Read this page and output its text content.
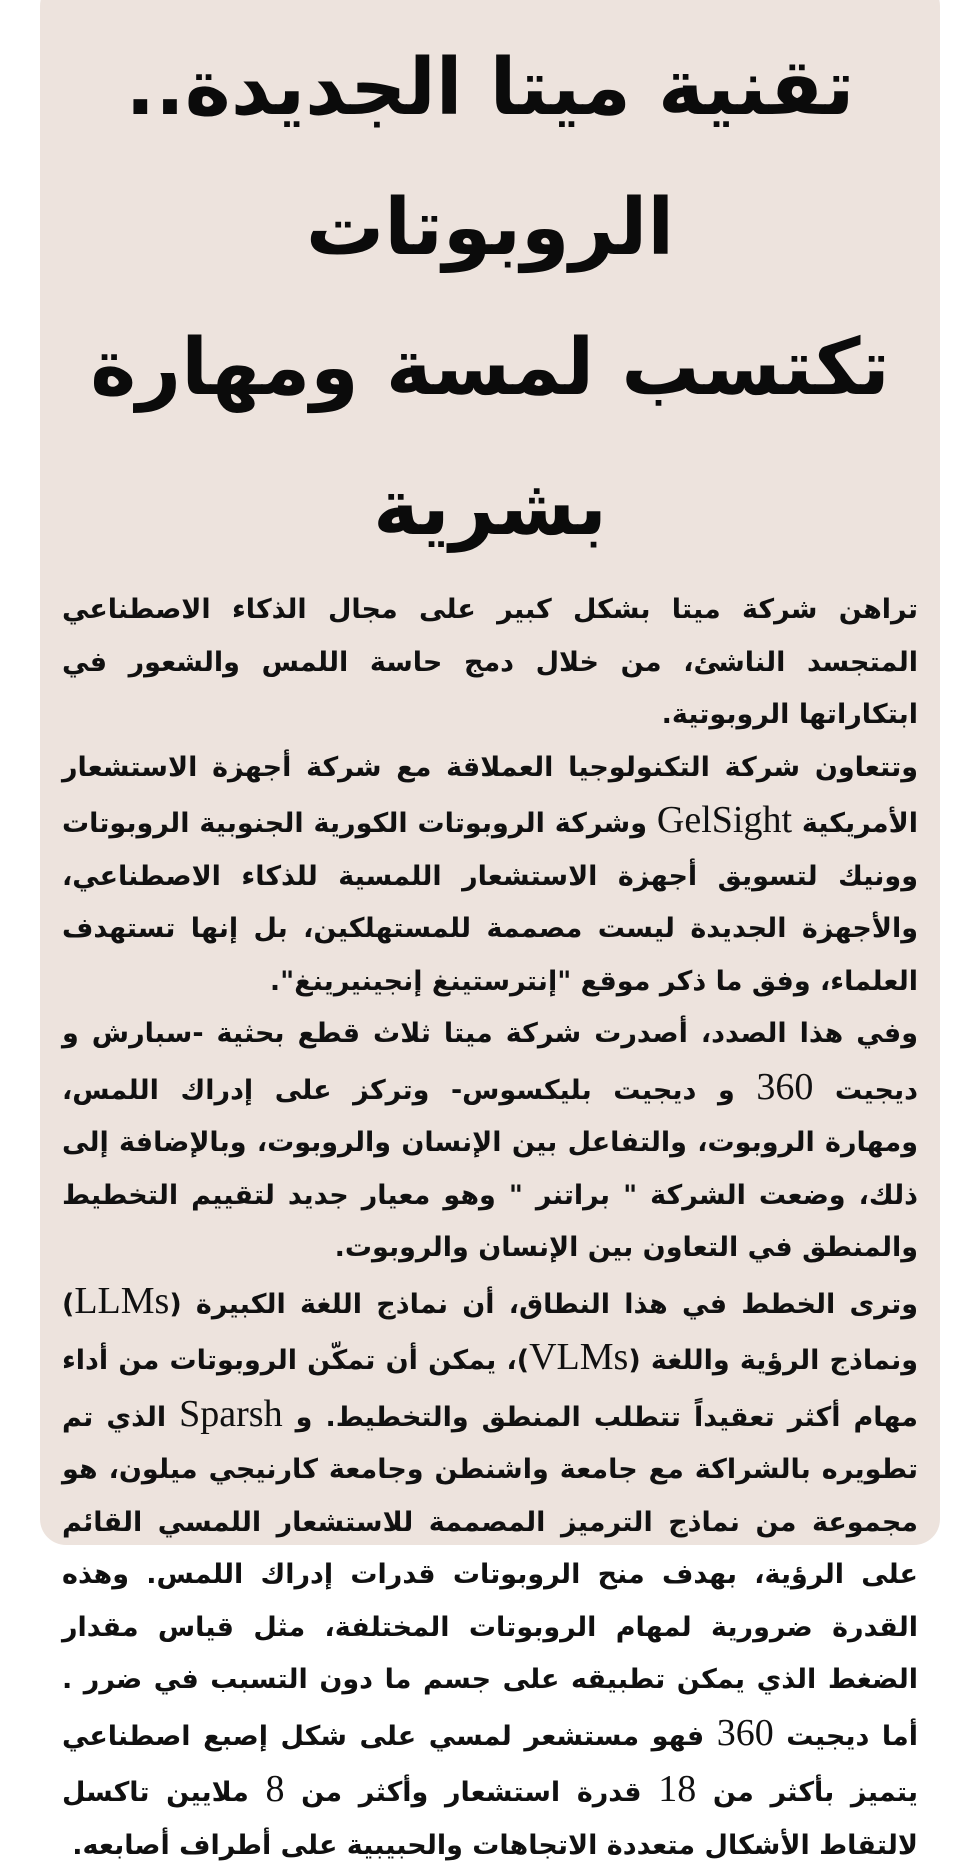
تقنية ميتا الجديدة.. الروبوتات
تكتسب لمسة ومهارة بشرية

تراهن شركة ميتا بشكل كبير على مجال الذكاء الاصطناعي المتجسد الناشئ، من خلال دمج حاسة اللمس والشعور في ابتكاراتها الروبوتية.

وتتعاون شركة التكنولوجيا العملاقة مع شركة أجهزة الاستشعار الأمريكية GelSight وشركة الروبوتات الكورية الجنوبية الروبوتات وونيك لتسويق أجهزة الاستشعار اللمسية للذكاء الاصطناعي، والأجهزة الجديدة ليست مصممة للمستهلكين، بل إنها تستهدف العلماء، وفق ما ذكر موقع "إنترستينغ إنجينيرينغ".

وفي هذا الصدد، أصدرت شركة ميتا ثلاث قطع بحثية -سبارش و ديجيت 360 و ديجيت بليكسوس- وتركز على إدراك اللمس، ومهارة الروبوت، والتفاعل بين الإنسان والروبوت، وبالإضافة إلى ذلك، وضعت الشركة " براتنر " وهو معيار جديد لتقييم التخطيط والمنطق في التعاون بين الإنسان والروبوت.

وترى الخطط في هذا النطاق، أن نماذج اللغة الكبيرة (LLMs) ونماذج الرؤية واللغة (VLMs)، يمكن أن تمكّن الروبوتات من أداء مهام أكثر تعقيداً تتطلب المنطق والتخطيط. و Sparsh الذي تم تطويره بالشراكة مع جامعة واشنطن وجامعة كارنيجي ميلون، هو مجموعة من نماذج الترميز المصممة للاستشعار اللمسي القائم على الرؤية، بهدف منح الروبوتات قدرات إدراك اللمس. وهذه القدرة ضرورية لمهام الروبوتات المختلفة، مثل قياس مقدار الضغط الذي يمكن تطبيقه على جسم ما دون التسبب في ضرر . أما ديجيت 360 فهو مستشعر لمسي على شكل إصبع اصطناعي يتميز بأكثر من 18 قدرة استشعار وأكثر من 8 ملايين تاكسل لالتقاط الأشكال متعددة الاتجاهات والحبيبية على أطراف أصابعه.
